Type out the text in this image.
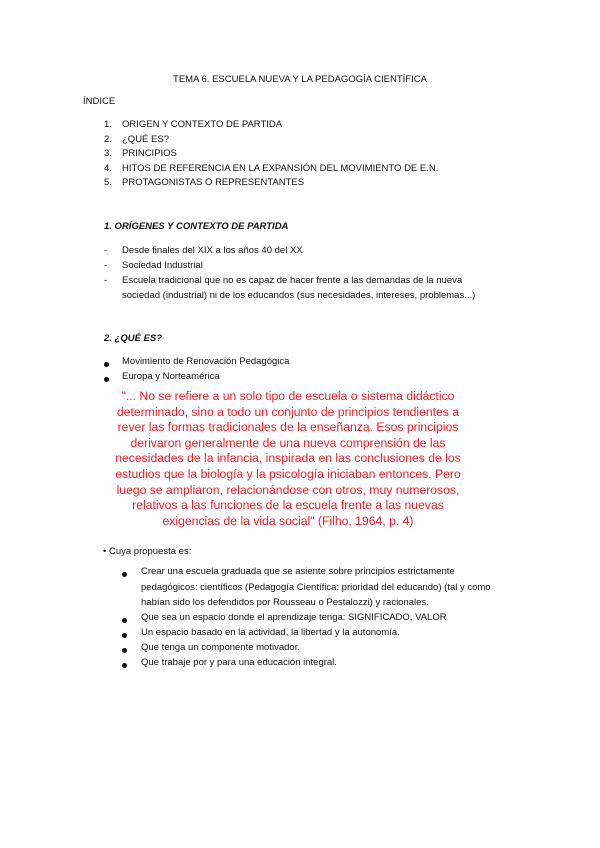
TEMA 6. ESCUELA NUEVA Y LA PEDAGOGÍA CIENTÍFICA
ÍNDICE
1. ORIGEN Y CONTEXTO DE PARTIDA
2. ¿QUÉ ES?
3. PRINCIPIOS
4. HITOS DE REFERENCIA EN LA EXPANSIÓN DEL MOVIMIENTO DE E.N.
5. PROTAGONISTAS O REPRESENTANTES
1. ORÍGENES Y CONTEXTO DE PARTIDA
- Desde finales del XIX a los años 40 del XX
- Sociedad Industrial
- Escuela tradicional que no es capaz de hacer frente a las demandas de la nueva
sociedad (industrial) ni de los educandos (sus necesidades, intereses, problemas...)
2. ¿QUÉ ES?
Movimiento de Renovación Pedagógica
Europa y Norteamérica
"... No se refiere a un solo tipo de escuela o sistema didáctico
determinado, sino a todo un conjunto de principios tendientes a
rever las formas tradicionales de la enseñanza. Esos principios
derivaron generalmente de una nueva comprensión de las
necesidades de la infancia, inspirada en las conclusiones de los
estudios que la biología y la psicología iniciaban entonces. Pero
luego se ampliaron, relacionándose con otros, muy numerosos,
relativos a las funciones de la escuela frente a las nuevas
exigencias de la vida social" (Filho, 1964, p. 4)
• Cuya propuesta es:
Crear una escuela graduada que se asiente sobre principios estrictamente
pedagógicos: científicos (Pedagogía Científica: prioridad del educando) (tal y como
habían sido los defendidos por Rousseau o Pestalozzi) y racionales.
Que sea un espacio donde el aprendizaje tenga: SIGNIFICADO, VALOR
Un espacio basado en la actividad, la libertad y la autonomía.
Que tenga un componente motivador.
Que trabaje por y para una educación integral.
